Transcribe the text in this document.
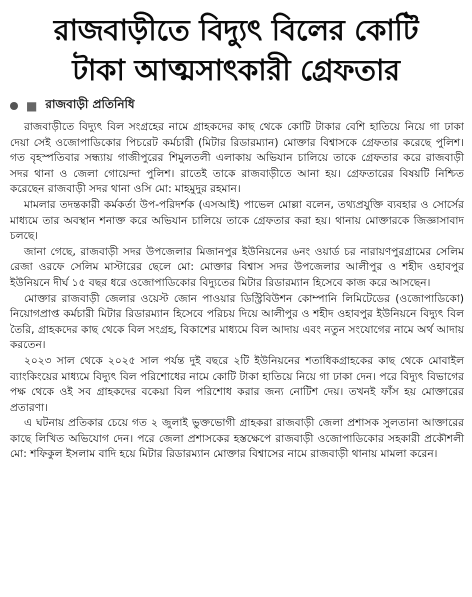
রাজবাড়ীতে বিদ্যুৎ বিলের কোটি
টাকা আত্মসাৎকারী গ্রেফতার
■ রাজবাড়ী প্রতিনিধি

রাজবাড়ীতে বিদ্যুৎ বিল সংগ্রহের নামে গ্রাহকদের কাছ থেকে কোটি টাকার বেশি হাতিয়ে নিয়ে গা ঢাকা দেয়া সেই ওজোপাডিকোর পিচরেট কর্মচারী (মিটার রিডারম্যান) মোক্তার বিশ্বাসকে গ্রেফতার করেছে পুলিশ। গত বৃহস্পতিবার সন্ধ্যায় গাজীপুরের শিমুলতলী এলাকায় অভিযান চালিয়ে তাকে গ্রেফতার করে রাজবাড়ী সদর থানা ও জেলা গোয়েন্দা পুলিশ। রাতেই তাকে রাজবাড়ীতে আনা হয়। গ্রেফতারের বিষয়টি নিশ্চিত করেছেন রাজবাড়ী সদর থানা ওসি মো: মাহমুদুর রহমান।

মামলার তদন্তকারী কর্মকর্তা উপ-পরিদর্শক (এসআই) পাভেল মোল্লা বলেন, তথ্যপ্রযুক্তি ব্যবহার ও সোর্সের মাধ্যমে তার অবস্থান শনাক্ত করে অভিযান চালিয়ে তাকে গ্রেফতার করা হয়। থানায় মোক্তারকে জিজ্ঞাসাবাদ চলছে।

জানা গেছে, রাজবাড়ী সদর উপজেলার মিজানপুর ইউনিয়নের ৬নং ওয়ার্ড চর নারায়ণপুরগ্রামের সেলিম রেজা ওরফে সেলিম মাস্টারের ছেলে মো: মোক্তার বিশ্বাস সদর উপজেলার আলীপুর ও শহীদ ওহাবপুর ইউনিয়নে দীর্ঘ ১৫ বছর ধরে ওজোপাডিকোর বিদ্যুতের মিটার রিডারম্যান হিসেবে কাজ করে আসছেন।

মোক্তার রাজবাড়ী জেলার ওয়েস্ট জোন পাওয়ার ডিস্ট্রিবিউশন কোম্পানি লিমিটেডের (ওজোপাডিকো) নিয়োগপ্রাপ্ত কর্মচারী মিটার রিডারম্যান হিসেবে পরিচয় দিয়ে আলীপুর ও শহীদ ওহাবপুর ইউনিয়নে বিদ্যুৎ বিল তৈরি, গ্রাহকদের কাছ থেকে বিল সংগ্রহ, বিকাশের মাধ্যমে বিল আদায় এবং নতুন সংযোগের নামে অর্থ আদায় করতেন।

২০২৩ সাল থেকে ২০২৫ সাল পর্যন্ত দুই বছরে ২টি ইউনিয়নের শতাধিকগ্রাহকের কাছ থেকে মোবাইল ব্যাংকিংয়ের মাধ্যমে বিদ্যুৎ বিল পরিশোধের নামে কোটি টাকা হাতিয়ে নিয়ে গা ঢাকা দেন। পরে বিদ্যুৎ বিভাগের পক্ষ থেকে ওই সব গ্রাহকদের বকেয়া বিল পরিশোধ করার জন্য নোটিশ দেয়। তখনই ফাঁস হয় মোক্তারের প্রতারণা।

এ ঘটনায় প্রতিকার চেয়ে গত ২ জুলাই ভুক্তভোগী গ্রাহকরা রাজবাড়ী জেলা প্রশাসক সুলতানা আক্তারের কাছে লিখিত অভিযোগ দেন। পরে জেলা প্রশাসকের হস্তক্ষেপে রাজবাড়ী ওজোপাডিকোর সহকারী প্রকৌশলী মো: শফিকুল ইসলাম বাদি হয়ে মিটার রিডারম্যান মোক্তার বিশ্বাসের নামে রাজবাড়ী থানায় মামলা করেন।
